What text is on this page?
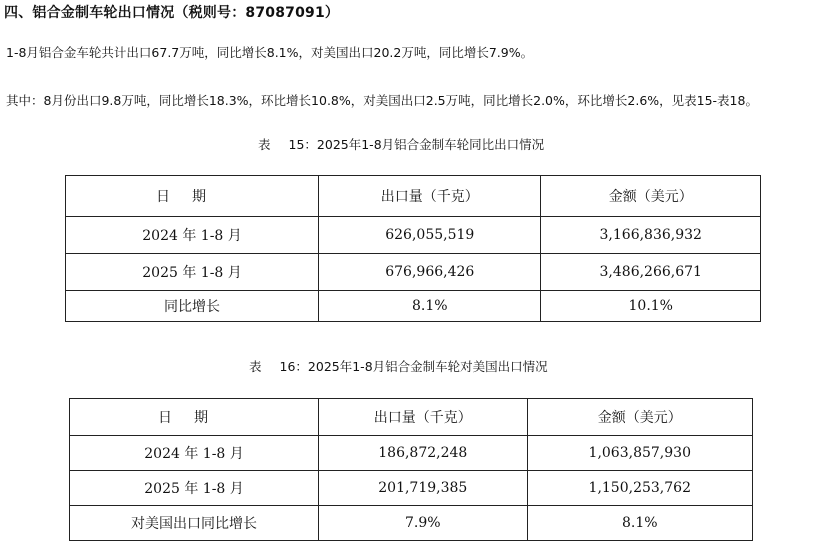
四、铝合金制车轮出口情况（税则号：87087091）
1-8月铝合金车轮共计出口67.7万吨，同比增长8.1%，对美国出口20.2万吨，同比增长7.9%。
其中：8月份出口9.8万吨，同比增长18.3%，环比增长10.8%，对美国出口2.5万吨，同比增长2.0%，环比增长2.6%，见表15-表18。
表 15：2025年1-8月铝合金制车轮同比出口情况
日期	出口量（千克）	金额（美元）
2024 年 1-8 月	626,055,519	3,166,836,932
2025 年 1-8 月	676,966,426	3,486,266,671
同比增长	8.1%	10.1%
表 16：2025年1-8月铝合金制车轮对美国出口情况
日期	出口量（千克）	金额（美元）
2024 年 1-8 月	186,872,248	1,063,857,930
2025 年 1-8 月	201,719,385	1,150,253,762
对美国出口同比增长	7.9%	8.1%
